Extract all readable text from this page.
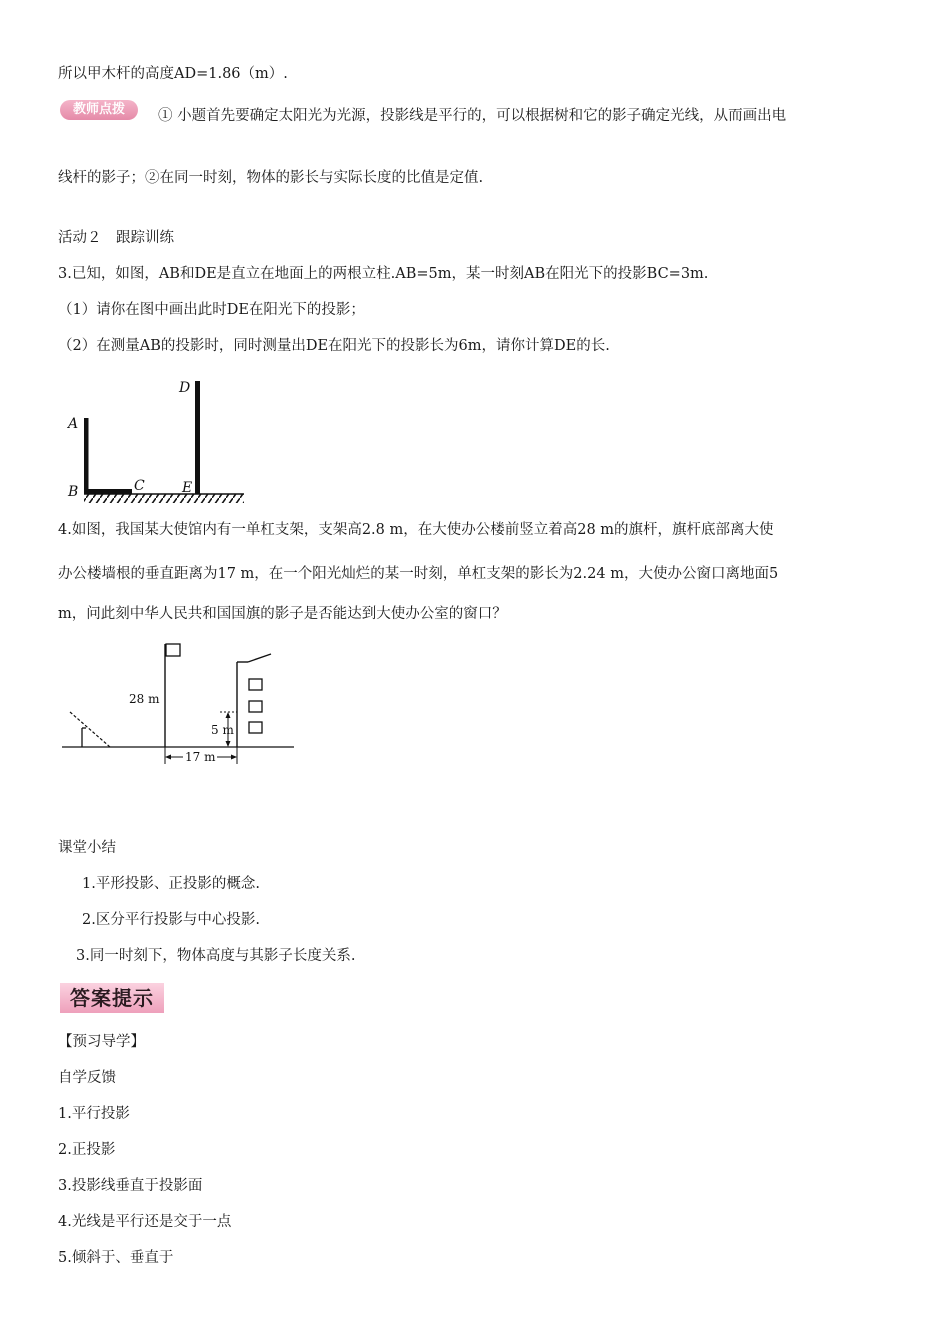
所以甲木杆的高度AD=1.86（m）.
教师点拨	① 小题首先要确定太阳光为光源，投影线是平行的，可以根据树和它的影子确定光线，从而画出电
线杆的影子；②在同一时刻，物体的影长与实际长度的比值是定值.
活动２　跟踪训练
3.已知，如图，AB和DE是直立在地面上的两根立柱.AB=5m，某一时刻AB在阳光下的投影BC=3m.
（1）请你在图中画出此时DE在阳光下的投影；
（2）在测量AB的投影时，同时测量出DE在阳光下的投影长为6m，请你计算DE的长.
A
B	C
D
E
4.如图，我国某大使馆内有一单杠支架，支架高2.8 m，在大使办公楼前竖立着高28 m的旗杆，旗杆底部离大使
办公楼墙根的垂直距离为17 m，在一个阳光灿烂的某一时刻，单杠支架的影长为2.24 m，大使办公窗口离地面5
m，问此刻中华人民共和国国旗的影子是否能达到大使办公室的窗口？
28 m
5 m
17 m
课堂小结
1.平形投影、正投影的概念.
2.区分平行投影与中心投影.
3.同一时刻下，物体高度与其影子长度关系.
答案提示
【预习导学】
自学反馈
1.平行投影
2.正投影
3.投影线垂直于投影面
4.光线是平行还是交于一点
5.倾斜于、垂直于
